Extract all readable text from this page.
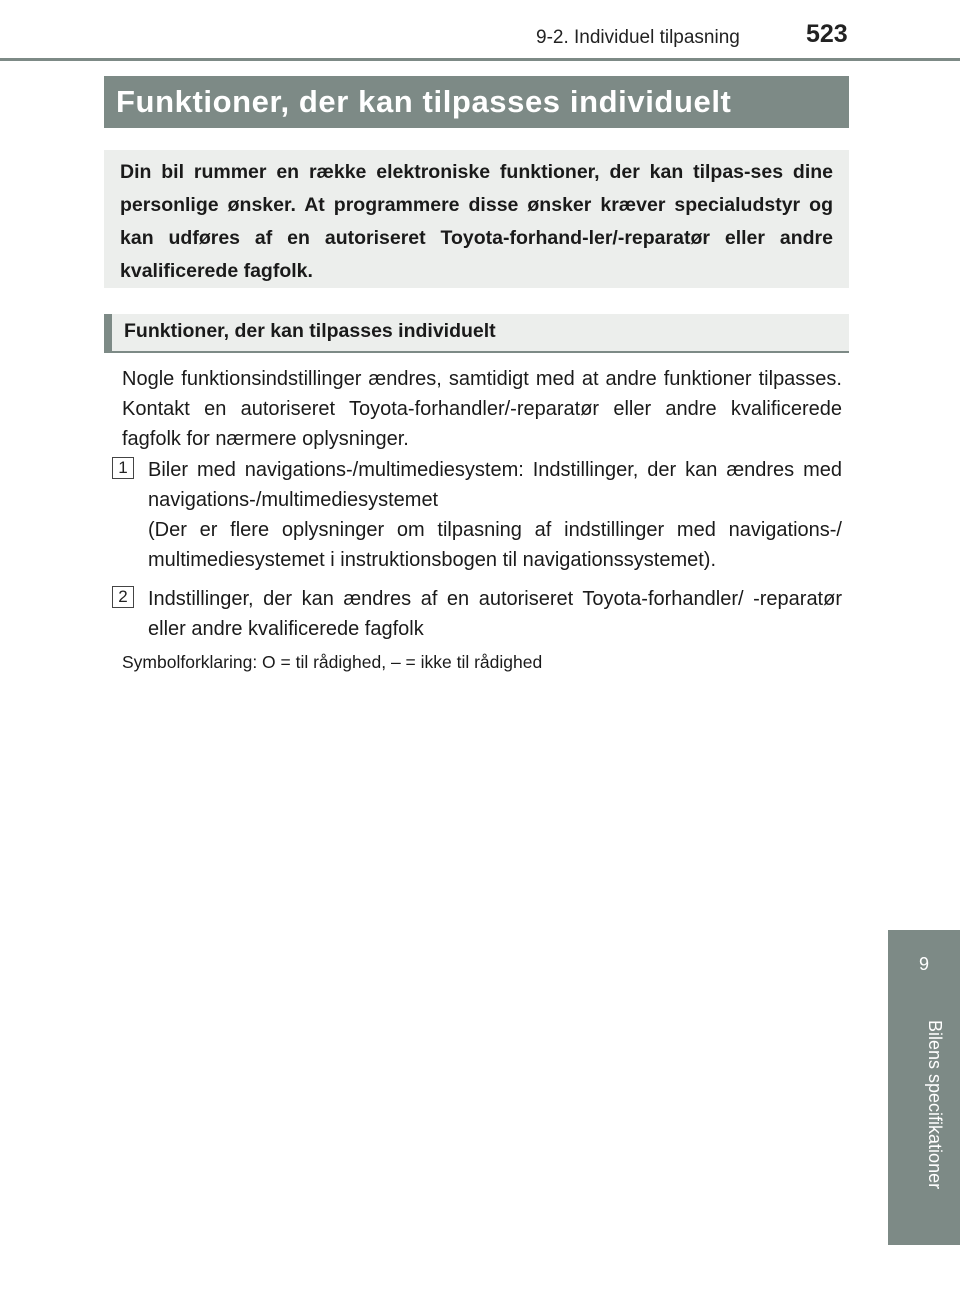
9-2. Individuel tilpasning	523
Funktioner, der kan tilpasses individuelt
Din bil rummer en række elektroniske funktioner, der kan tilpas-ses dine personlige ønsker. At programmere disse ønsker kræver specialudstyr og kan udføres af en autoriseret Toyota-forhand-ler/-reparatør eller andre kvalificerede fagfolk.
Funktioner, der kan tilpasses individuelt
Nogle funktionsindstillinger ændres, samtidigt med at andre funktioner tilpasses. Kontakt en autoriseret Toyota-forhandler/-reparatør eller andre kvalificerede fagfolk for nærmere oplysninger.
1	Biler med navigations-/multimediesystem: Indstillinger, der kan ændres med navigations-/multimediesystemet
(Der er flere oplysninger om tilpasning af indstillinger med navigations-/ multimediesystemet i instruktionsbogen til navigationssystemet).
2	Indstillinger, der kan ændres af en autoriseret Toyota-forhandler/ -reparatør eller andre kvalificerede fagfolk
Symbolforklaring: O = til rådighed, – = ikke til rådighed
9
Bilens specifikationer
